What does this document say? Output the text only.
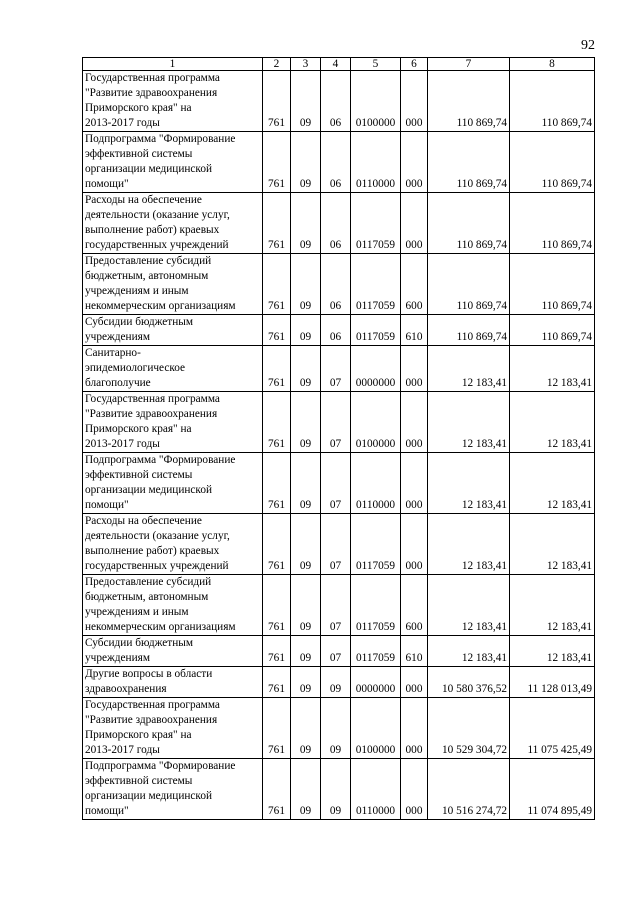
92
1	2	3	4	5	6	7	8
Государственная программа
"Развитие здравоохранения
Приморского края" на
2013-2017 годы	761	09	06	0100000	000	110 869,74	110 869,74
Подпрограмма "Формирование
эффективной системы
организации медицинской
помощи"	761	09	06	0110000	000	110 869,74	110 869,74
Расходы на обеспечение
деятельности (оказание услуг,
выполнение работ) краевых
государственных учреждений	761	09	06	0117059	000	110 869,74	110 869,74
Предоставление субсидий
бюджетным, автономным
учреждениям и иным
некоммерческим организациям	761	09	06	0117059	600	110 869,74	110 869,74
Субсидии бюджетным
учреждениям	761	09	06	0117059	610	110 869,74	110 869,74
Санитарно-
эпидемиологическое
благополучие	761	09	07	0000000	000	12 183,41	12 183,41
Государственная программа
"Развитие здравоохранения
Приморского края" на
2013-2017 годы	761	09	07	0100000	000	12 183,41	12 183,41
Подпрограмма "Формирование
эффективной системы
организации медицинской
помощи"	761	09	07	0110000	000	12 183,41	12 183,41
Расходы на обеспечение
деятельности (оказание услуг,
выполнение работ) краевых
государственных учреждений	761	09	07	0117059	000	12 183,41	12 183,41
Предоставление субсидий
бюджетным, автономным
учреждениям и иным
некоммерческим организациям	761	09	07	0117059	600	12 183,41	12 183,41
Субсидии бюджетным
учреждениям	761	09	07	0117059	610	12 183,41	12 183,41
Другие вопросы в области
здравоохранения	761	09	09	0000000	000	10 580 376,52	11 128 013,49
Государственная программа
"Развитие здравоохранения
Приморского края" на
2013-2017 годы	761	09	09	0100000	000	10 529 304,72	11 075 425,49
Подпрограмма "Формирование
эффективной системы
организации медицинской
помощи"	761	09	09	0110000	000	10 516 274,72	11 074 895,49
